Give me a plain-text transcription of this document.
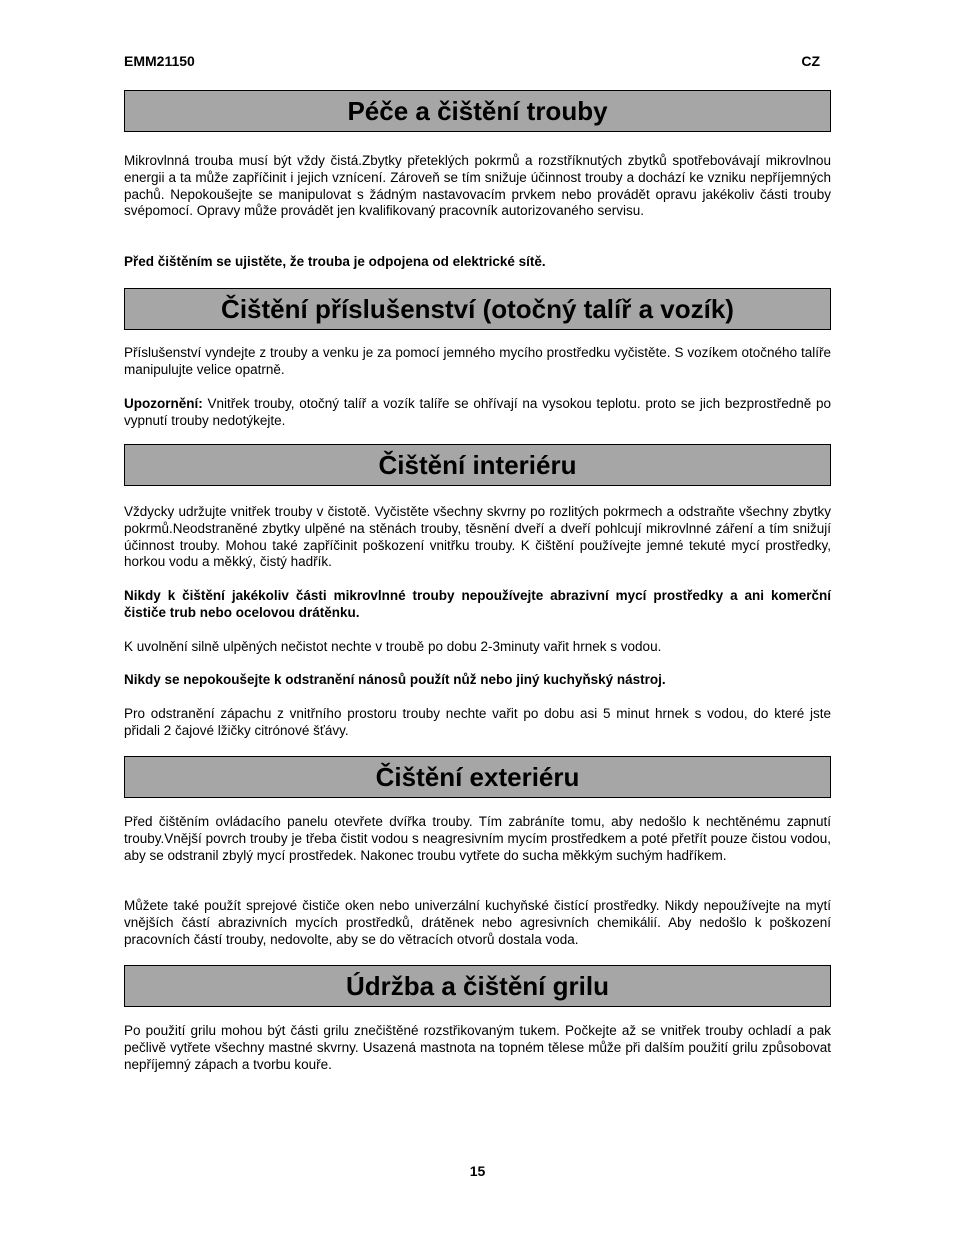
EMM21150	CZ
Péče a čištění trouby

Mikrovlnná trouba musí být vždy čistá.Zbytky přeteklých pokrmů a rozstříknutých zbytků spotřebovávají mikrovlnou energii a ta může zapříčinit i jejich vznícení. Zároveň se tím snižuje účinnost trouby a dochází ke vzniku nepříjemných pachů. Nepokoušejte se manipulovat s žádným nastavovacím prvkem nebo provádět opravu jakékoliv části trouby svépomocí. Opravy může provádět jen kvalifikovaný pracovník autorizovaného servisu.

Před čištěním se ujistěte, že trouba je odpojena od elektrické sítě.

Čištění příslušenství (otočný talíř a vozík)

Příslušenství vyndejte z trouby a venku je za pomocí jemného mycího prostředku vyčistěte. S vozíkem otočného talíře manipulujte velice opatrně.

Upozornění: Vnitřek trouby, otočný talíř a vozík talíře se ohřívají na vysokou teplotu. proto se jich bezprostředně po vypnutí trouby nedotýkejte.

Čištění interiéru

Vždycky udržujte vnitřek trouby v čistotě. Vyčistěte všechny skvrny po rozlitých pokrmech a odstraňte všechny zbytky pokrmů.Neodstraněné zbytky ulpěné na stěnách trouby, těsnění dveří a dveří pohlcují mikrovlnné záření a tím snižují účinnost trouby. Mohou také zapříčinit poškození vnitřku trouby. K čištění používejte jemné tekuté mycí prostředky, horkou vodu a měkký, čistý hadřík.

Nikdy k čištění jakékoliv části mikrovlnné trouby nepoužívejte abrazivní mycí prostředky a ani komerční čističe trub nebo ocelovou drátěnku.

K uvolnění silně ulpěných nečistot nechte v troubě po dobu 2-3minuty vařit hrnek s vodou.

Nikdy se nepokoušejte k odstranění nánosů použít nůž nebo jiný kuchyňský nástroj.

Pro odstranění zápachu z vnitřního prostoru trouby nechte vařit po dobu asi 5 minut hrnek s vodou, do které jste přidali 2 čajové lžičky citrónové šťávy.

Čištění exteriéru

Před čištěním ovládacího panelu otevřete dvířka trouby. Tím zabráníte tomu, aby nedošlo k nechtěnému zapnutí trouby.Vnější povrch trouby je třeba čistit vodou s neagresivním mycím prostředkem a poté přetřít pouze čistou vodou, aby se odstranil zbylý mycí prostředek. Nakonec troubu vytřete do sucha měkkým suchým hadříkem.

Můžete také použít sprejové čističe oken nebo univerzální kuchyňské čistící prostředky. Nikdy nepoužívejte na mytí vnějších částí abrazivních mycích prostředků, drátěnek nebo agresivních chemikálií. Aby nedošlo k poškození pracovních částí trouby, nedovolte, aby se do větracích otvorů dostala voda.

Údržba a čištění grilu

Po použití grilu mohou být části grilu znečištěné rozstřikovaným tukem. Počkejte až se vnitřek trouby ochladí a pak pečlivě vytřete všechny mastné skvrny. Usazená mastnota na topném tělese může při dalším použití grilu způsobovat nepříjemný zápach a tvorbu kouře.

15
